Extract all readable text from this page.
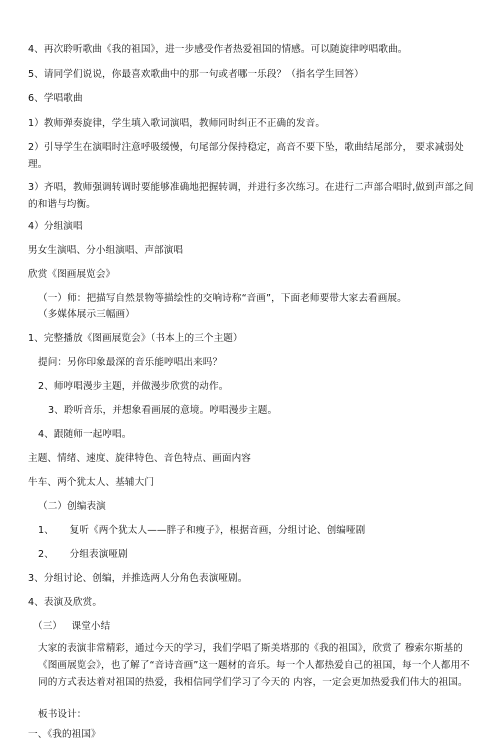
4、再次聆听歌曲《我的祖国》，进一步感受作者热爱祖国的情感。可以随旋律哼唱歌曲。
5、请同学们说说，你最喜欢歌曲中的那一句或者哪一乐段？（指名学生回答）
6、学唱歌曲
1）教师弹奏旋律，学生填入歌词演唱，教师同时纠正不正确的发音。
2）引导学生在演唱时注意呼吸缓慢，句尾部分保持稳定，高音不要下坠，歌曲结尾部分， 要求减弱处理。
3）齐唱，教师强调转调时要能够准确地把握转调，并进行多次练习。在进行二声部合唱时,做到声部之间的和谐与均衡。
4）分组演唱
男女生演唱、分小组演唱、声部演唱
欣赏《图画展览会》
（一）师：把描写自然景物等描绘性的交响诗称“音画”，下面老师要带大家去看画展。
（多媒体展示三幅画）
1、完整播放《图画展览会》（书本上的三个主题）
提问：另你印象最深的音乐能哼唱出来吗？
2、师哼唱漫步主题，并做漫步欣赏的动作。
3、聆听音乐，并想象看画展的意境。哼唱漫步主题。
4、跟随师一起哼唱。
主题、情绪、速度、旋律特色、音色特点、画面内容
牛车、两个犹太人、基辅大门
（二）创编表演
1、     复听《两个犹太人——胖子和瘦子》，根据音画，分组讨论、创编哑剧
2、     分组表演哑剧
3、分组讨论、创编，并推选两人分角色表演哑剧。
4、表演及欣赏。
（三）   课堂小结
大家的表演非常精彩，通过今天的学习，我们学唱了斯美塔那的《我的祖国》，欣赏了 穆索尔斯基的《图画展览会》，也了解了“音诗音画”这一题材的音乐。每一个人都热爱自己的祖国，每一个人都用不同的方式表达着对祖国的热爱，我相信同学们学习了今天的 内容，一定会更加热爱我们伟大的祖国。
板书设计：
一、《我的祖国》
